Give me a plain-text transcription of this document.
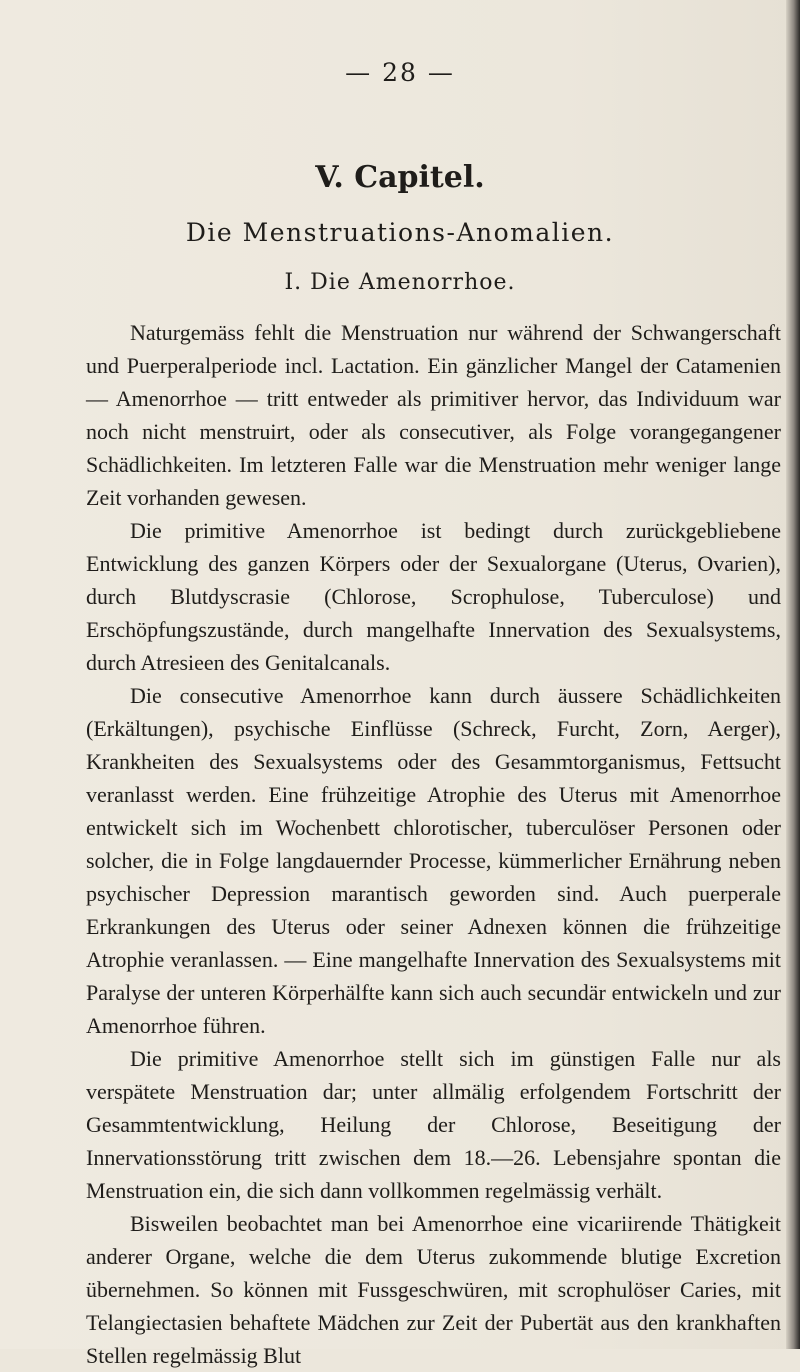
— 28 —
V. Capitel.
Die Menstruations-Anomalien.
I. Die Amenorrhoe.

Naturgemäss fehlt die Menstruation nur während der Schwangerschaft und Puerperalperiode incl. Lactation. Ein gänzlicher Mangel der Catamenien — Amenorrhoe — tritt entweder als primitiver hervor, das Individuum war noch nicht menstruirt, oder als consecutiver, als Folge vorangegangener Schädlichkeiten. Im letzteren Falle war die Menstruation mehr weniger lange Zeit vorhanden gewesen.

Die primitive Amenorrhoe ist bedingt durch zurückgebliebene Entwicklung des ganzen Körpers oder der Sexualorgane (Uterus, Ovarien), durch Blutdyscrasie (Chlorose, Scrophulose, Tuberculose) und Erschöpfungszustände, durch mangelhafte Innervation des Sexualsystems, durch Atresieen des Genitalcanals.

Die consecutive Amenorrhoe kann durch äussere Schädlichkeiten (Erkältungen), psychische Einflüsse (Schreck, Furcht, Zorn, Aerger), Krankheiten des Sexualsystems oder des Gesammtorganismus, Fettsucht veranlasst werden. Eine frühzeitige Atrophie des Uterus mit Amenorrhoe entwickelt sich im Wochenbett chlorotischer, tuberculöser Personen oder solcher, die in Folge langdauernder Processe, kümmerlicher Ernährung neben psychischer Depression marantisch geworden sind. Auch puerperale Erkrankungen des Uterus oder seiner Adnexen können die frühzeitige Atrophie veranlassen. — Eine mangelhafte Innervation des Sexualsystems mit Paralyse der unteren Körperhälfte kann sich auch secundär entwickeln und zur Amenorrhoe führen.

Die primitive Amenorrhoe stellt sich im günstigen Falle nur als verspätete Menstruation dar; unter allmälig erfolgendem Fortschritt der Gesammtentwicklung, Heilung der Chlorose, Beseitigung der Innervationsstörung tritt zwischen dem 18.—26. Lebensjahre spontan die Menstruation ein, die sich dann vollkommen regelmässig verhält.

Bisweilen beobachtet man bei Amenorrhoe eine vicariirende Thätigkeit anderer Organe, welche die dem Uterus zukommende blutige Excretion übernehmen. So können mit Fussgeschwüren, mit scrophulöser Caries, mit Telangiectasien behaftete Mädchen zur Zeit der Pubertät aus den krankhaften Stellen regelmässig Blut
